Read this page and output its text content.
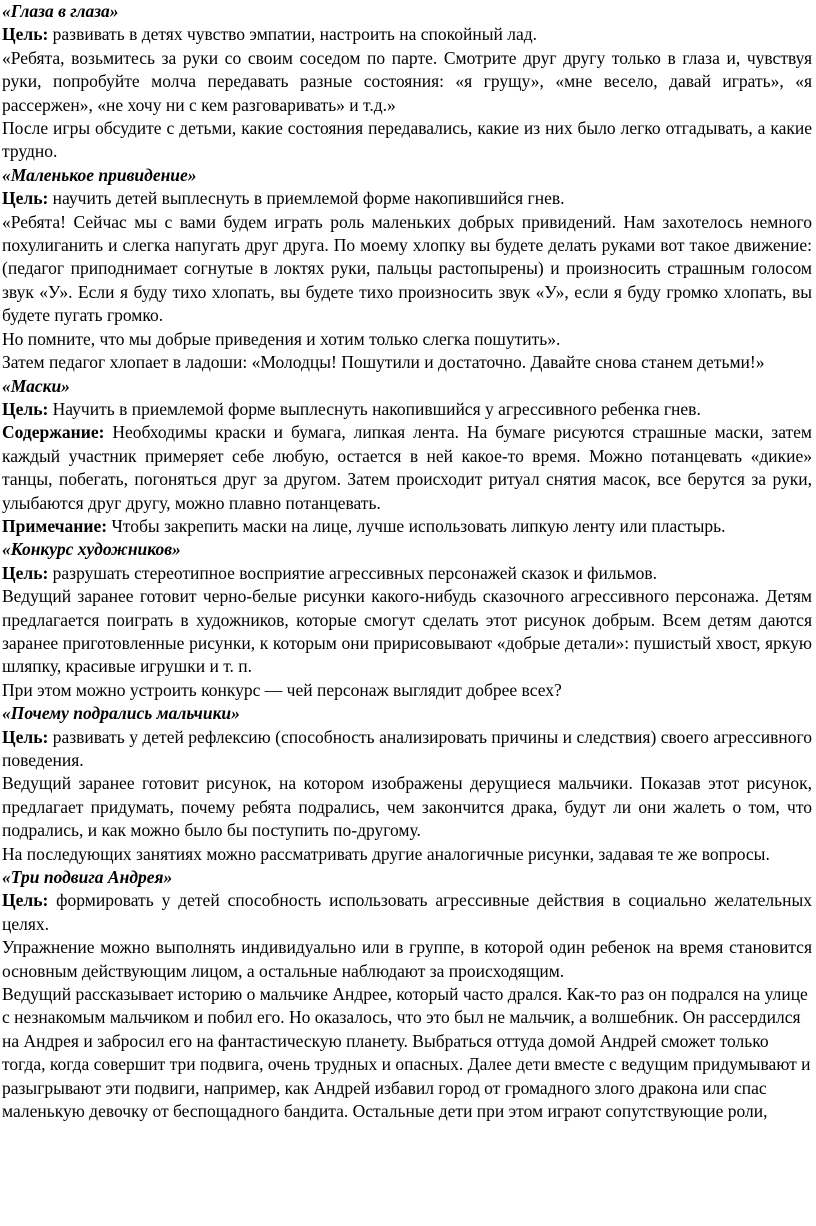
«Глаза в глаза»

Цель: развивать в детях чувство эмпатии, настроить на спокойный лад.

«Ребята, возьмитесь за руки со своим соседом по парте. Смотрите друг другу только в глаза и, чувствуя руки, попробуйте молча передавать разные состояния: «я грущу», «мне весело, давай играть», «я рассержен», «не хочу ни с кем разговаривать» и т.д.»

После игры обсудите с детьми, какие состояния передавались, какие из них было легко отгадывать, а какие трудно.

«Маленькое привидение»

Цель: научить детей выплеснуть в приемлемой форме накопившийся гнев.

«Ребята! Сейчас мы с вами будем играть роль маленьких добрых привидений. Нам захотелось немного похулиганить и слегка напугать друг друга. По моему хлопку вы будете делать руками вот такое движение: (педагог приподнимает согнутые в локтях руки, пальцы растопырены) и произносить страшным голосом звук «У». Если я буду тихо хлопать, вы будете тихо произносить звук «У», если я буду громко хлопать, вы будете пугать громко.

Но помните, что мы добрые приведения и хотим только слегка пошутить».

Затем педагог хлопает в ладоши: «Молодцы! Пошутили и достаточно. Давайте снова станем детьми!»

«Маски»

Цель: Научить в приемлемой форме выплеснуть накопившийся у агрессивного ребенка гнев.

Содержание: Необходимы краски и бумага, липкая лента. На бумаге рисуются страшные маски, затем каждый участник примеряет себе любую, остается в ней какое-то время. Можно потанцевать «дикие» танцы, побегать, погоняться друг за другом. Затем происходит ритуал снятия масок, все берутся за руки, улыбаются друг другу, можно плавно потанцевать.

Примечание: Чтобы закрепить маски на лице, лучше использовать липкую ленту или пластырь.

«Конкурс художников»

Цель: разрушать стереотипное восприятие агрессивных персонажей сказок и фильмов.

Ведущий заранее готовит черно-белые рисунки какого-нибудь сказочного агрессивного персонажа. Детям предлагается поиграть в художников, которые смогут сделать этот рисунок добрым. Всем детям даются заранее приготовленные рисунки, к которым они пририсовывают «добрые детали»: пушистый хвост, яркую шляпку, красивые игрушки и т. п.

При этом можно устроить конкурс — чей персонаж выглядит добрее всех?

«Почему подрались мальчики»

Цель: развивать у детей рефлексию (способность анализировать причины и следствия) своего агрессивного поведения.

Ведущий заранее готовит рисунок, на котором изображены дерущиеся мальчики. Показав этот рисунок, предлагает придумать, почему ребята подрались, чем закончится драка, будут ли они жалеть о том, что подрались, и как можно было бы поступить по-другому.

На последующих занятиях можно рассматривать другие аналогичные рисунки, задавая те же вопросы.

«Три подвига Андрея»

Цель: формировать у детей способность использовать агрессивные действия в социально желательных целях.

Упражнение можно выполнять индивидуально или в группе, в которой один ребенок на время становится основным действующим лицом, а остальные наблюдают за происходящим.

Ведущий рассказывает историю о мальчике Андрее, который часто дрался. Как-то раз он подрался на улице с незнакомым мальчиком и побил его. Но оказалось, что это был не мальчик, а волшебник. Он рассердился на Андрея и забросил его на фантастическую планету. Выбраться оттуда домой Андрей сможет только тогда, когда совершит три подвига, очень трудных и опасных. Далее дети вместе с ведущим придумывают и разыгрывают эти подвиги, например, как Андрей избавил город от громадного злого дракона или спас маленькую девочку от беспощадного бандита. Остальные дети при этом играют сопутствующие роли,
